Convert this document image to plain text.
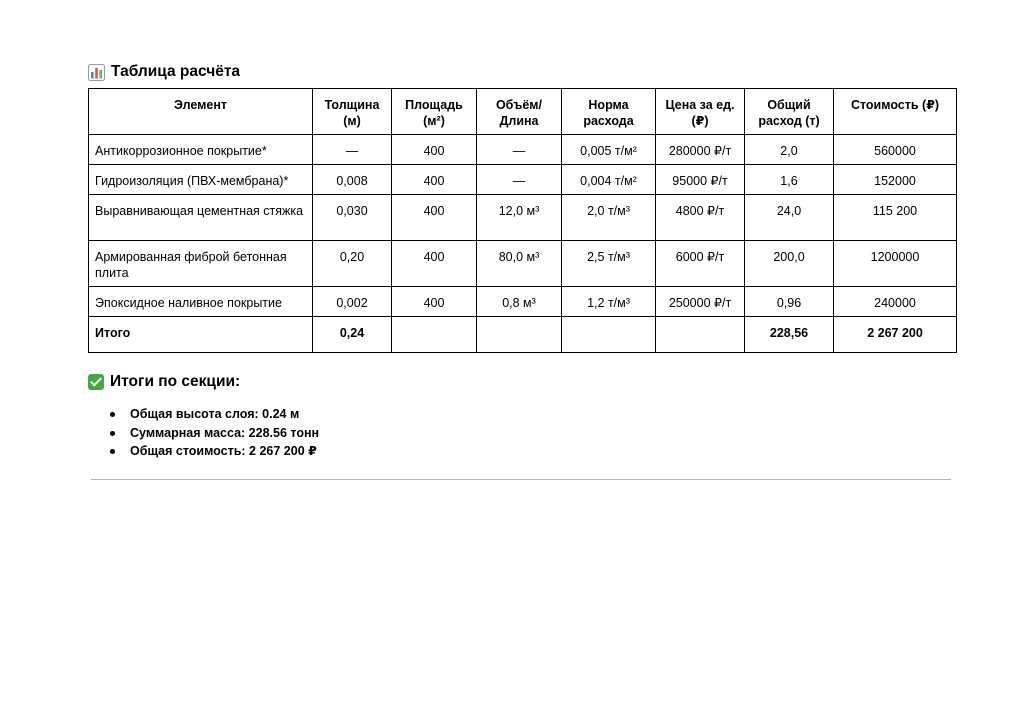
Таблица расчёта
Элемент	Толщина (м)	Площадь (м²)	Объём/ Длина	Норма расхода	Цена за ед. (₽)	Общий расход (т)	Стоимость (₽)
Антикоррозионное покрытие*	—	400	—	0,005 т/м²	280000 ₽/т	2,0	560000
Гидроизоляция (ПВХ-мембрана)*	0,008	400	—	0,004 т/м²	95000 ₽/т	1,6	152000
Выравнивающая цементная стяжка	0,030	400	12,0 м³	2,0 т/м³	4800 ₽/т	24,0	115 200
Армированная фиброй бетонная плита	0,20	400	80,0 м³	2,5 т/м³	6000 ₽/т	200,0	1200000
Эпоксидное наливное покрытие	0,002	400	0,8 м³	1,2 т/м³	250000 ₽/т	0,96	240000
Итого	0,24					228,56	2 267 200
Итоги по секции:
Общая высота слоя: 0.24 м
Суммарная масса: 228.56 тонн
Общая стоимость: 2 267 200 ₽
